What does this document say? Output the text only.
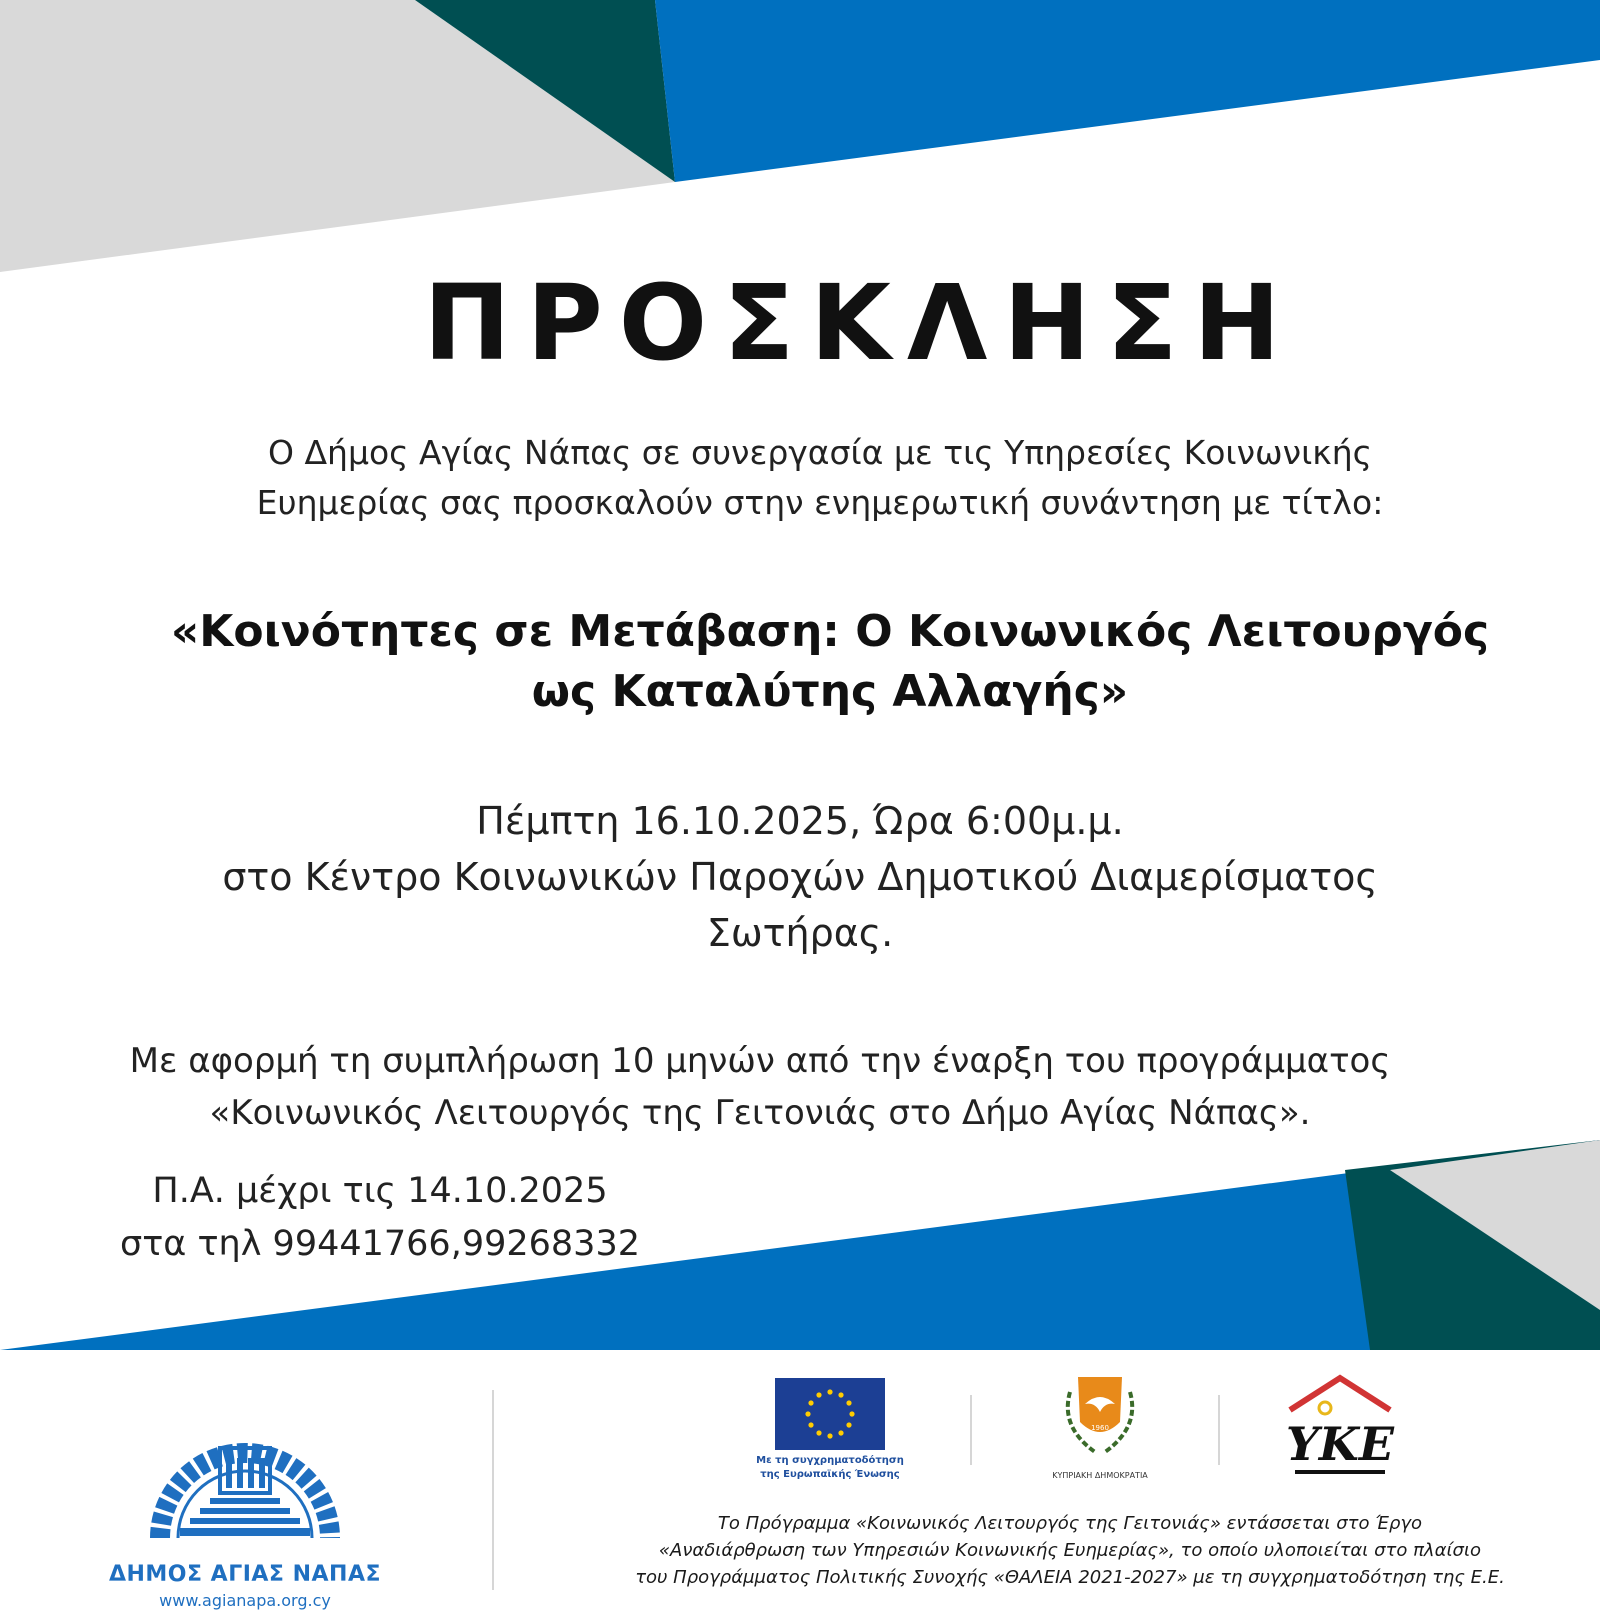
ΠΡΟΣΚΛΗΣΗ
Ο Δήμος Αγίας Νάπας σε συνεργασία με τις Υπηρεσίες Κοινωνικής
Ευημερίας σας προσκαλούν στην ενημερωτική συνάντηση με τίτλο:
«Κοινότητες σε Μετάβαση: Ο Κοινωνικός Λειτουργός
ως Καταλύτης Αλλαγής»
Πέμπτη 16.10.2025, Ώρα 6:00μ.μ.
στο Κέντρο Κοινωνικών Παροχών Δημοτικού Διαμερίσματος
Σωτήρας.
Με αφορμή τη συμπλήρωση 10 μηνών από την έναρξη του προγράμματος
«Κοινωνικός Λειτουργός της Γειτονιάς στο Δήμο Αγίας Νάπας».
Π.Α. μέχρι τις 14.10.2025
στα τηλ 99441766,99268332
ΔΗΜΟΣ ΑΓΙΑΣ ΝΑΠΑΣ
www.agianapa.org.cy
Με τη συγχρηματοδότηση
της Ευρωπαϊκής Ένωσης
1960
ΚΥΠΡΙΑΚΗ ΔΗΜΟΚΡΑΤΙΑ
ΥΚΕ
Το Πρόγραμμα «Κοινωνικός Λειτουργός της Γειτονιάς» εντάσσεται στο Έργο
«Αναδιάρθρωση των Υπηρεσιών Κοινωνικής Ευημερίας», το οποίο υλοποιείται στο πλαίσιο
του Προγράμματος Πολιτικής Συνοχής «ΘΑΛΕΙΑ 2021-2027» με τη συγχρηματοδότηση της Ε.Ε.
